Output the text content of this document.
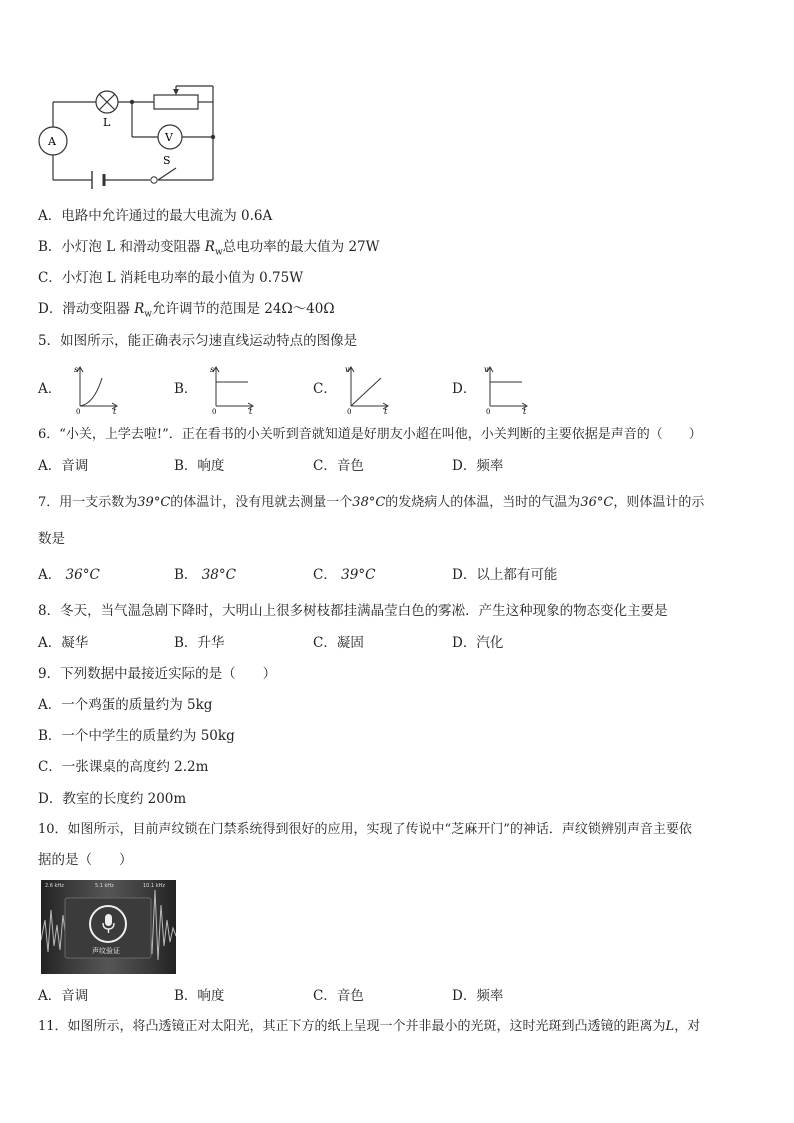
A	V
L
S
A．电路中允许通过的最大电流为 0.6A
B．小灯泡 L 和滑动变阻器 $R_w$总电功率的最大值为 27W
C．小灯泡 L 消耗电功率的最小值为 0.75W
D．滑动变阻器 $R_w$允许调节的范围是 24Ω～40Ω
5．如图所示，能正确表示匀速直线运动特点的图像是
A．
s
t
0
B．
s
t
0
C．
v
t
0
D．
v
t
0
6．“小关，上学去啦!”．正在看书的小关听到音就知道是好朋友小超在叫他，小关判断的主要依据是声音的（　　）
A．音调	B．响度	C．音色	D．频率
7．用一支示数为39°C的体温计，没有甩就去测量一个38°C的发烧病人的体温，当时的气温为36°C，则体温计的示
数是
A． 36°C	B． 38°C	C． 39°C	D．以上都有可能
8．冬天，当气温急剧下降时，大明山上很多树枝都挂满晶莹白色的雾凇．产生这种现象的物态变化主要是
A．凝华	B．升华	C．凝固	D．汽化
9．下列数据中最接近实际的是（　　）
A．一个鸡蛋的质量约为 5kg
B．一个中学生的质量约为 50kg
C．一张课桌的高度约 2.2m
D．教室的长度约 200m
10．如图所示，目前声纹锁在门禁系统得到很好的应用，实现了传说中“芝麻开门”的神话．声纹锁辨别声音主要依
据的是（　　）
2.6 kHz	5.1 kHz	10.1 kHz
声纹验证
A．音调	B．响度	C．音色	D．频率
11．如图所示，将凸透镜正对太阳光，其正下方的纸上呈现一个并非最小的光斑，这时光斑到凸透镜的距离为L，对
